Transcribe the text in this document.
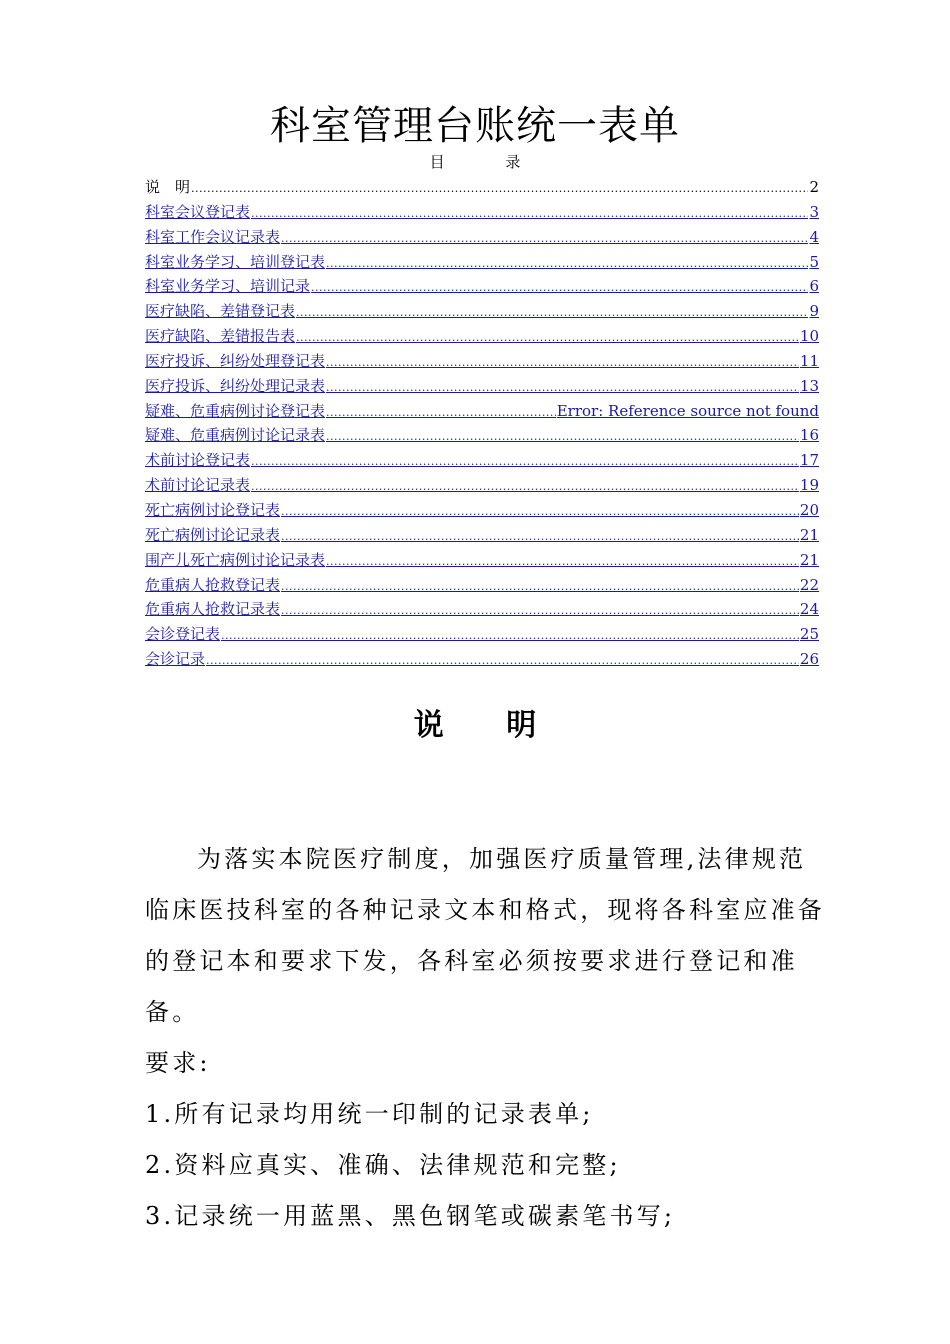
科室管理台账统一表单
目 录
说　明 .....	2
科室会议登记表 .....	3
科室工作会议记录表 .....	4
科室业务学习、培训登记表 .....	5
科室业务学习、培训记录 .....	6
医疗缺陷、差错登记表 .....	9
医疗缺陷、差错报告表 .....	10
医疗投诉、纠纷处理登记表 .....	11
医疗投诉、纠纷处理记录表 .....	13
疑难、危重病例讨论登记表 .....	Error: Reference source not found
疑难、危重病例讨论记录表 .....	16
术前讨论登记表 .....	17
术前讨论记录表 .....	19
死亡病例讨论登记表 .....	20
死亡病例讨论记录表 .....	21
围产儿死亡病例讨论记录表 .....	21
危重病人抢救登记表 .....	22
危重病人抢救记录表 .....	24
会诊登记表 .....	25
会诊记录 .....	26
说 明

为落实本院医疗制度，加强医疗质量管理,法律规范临床医技科室的各种记录文本和格式，现将各科室应准备的登记本和要求下发，各科室必须按要求进行登记和准备。

要求:

1.所有记录均用统一印制的记录表单;

2.资料应真实、准确、法律规范和完整;

3.记录统一用蓝黑、黑色钢笔或碳素笔书写;
